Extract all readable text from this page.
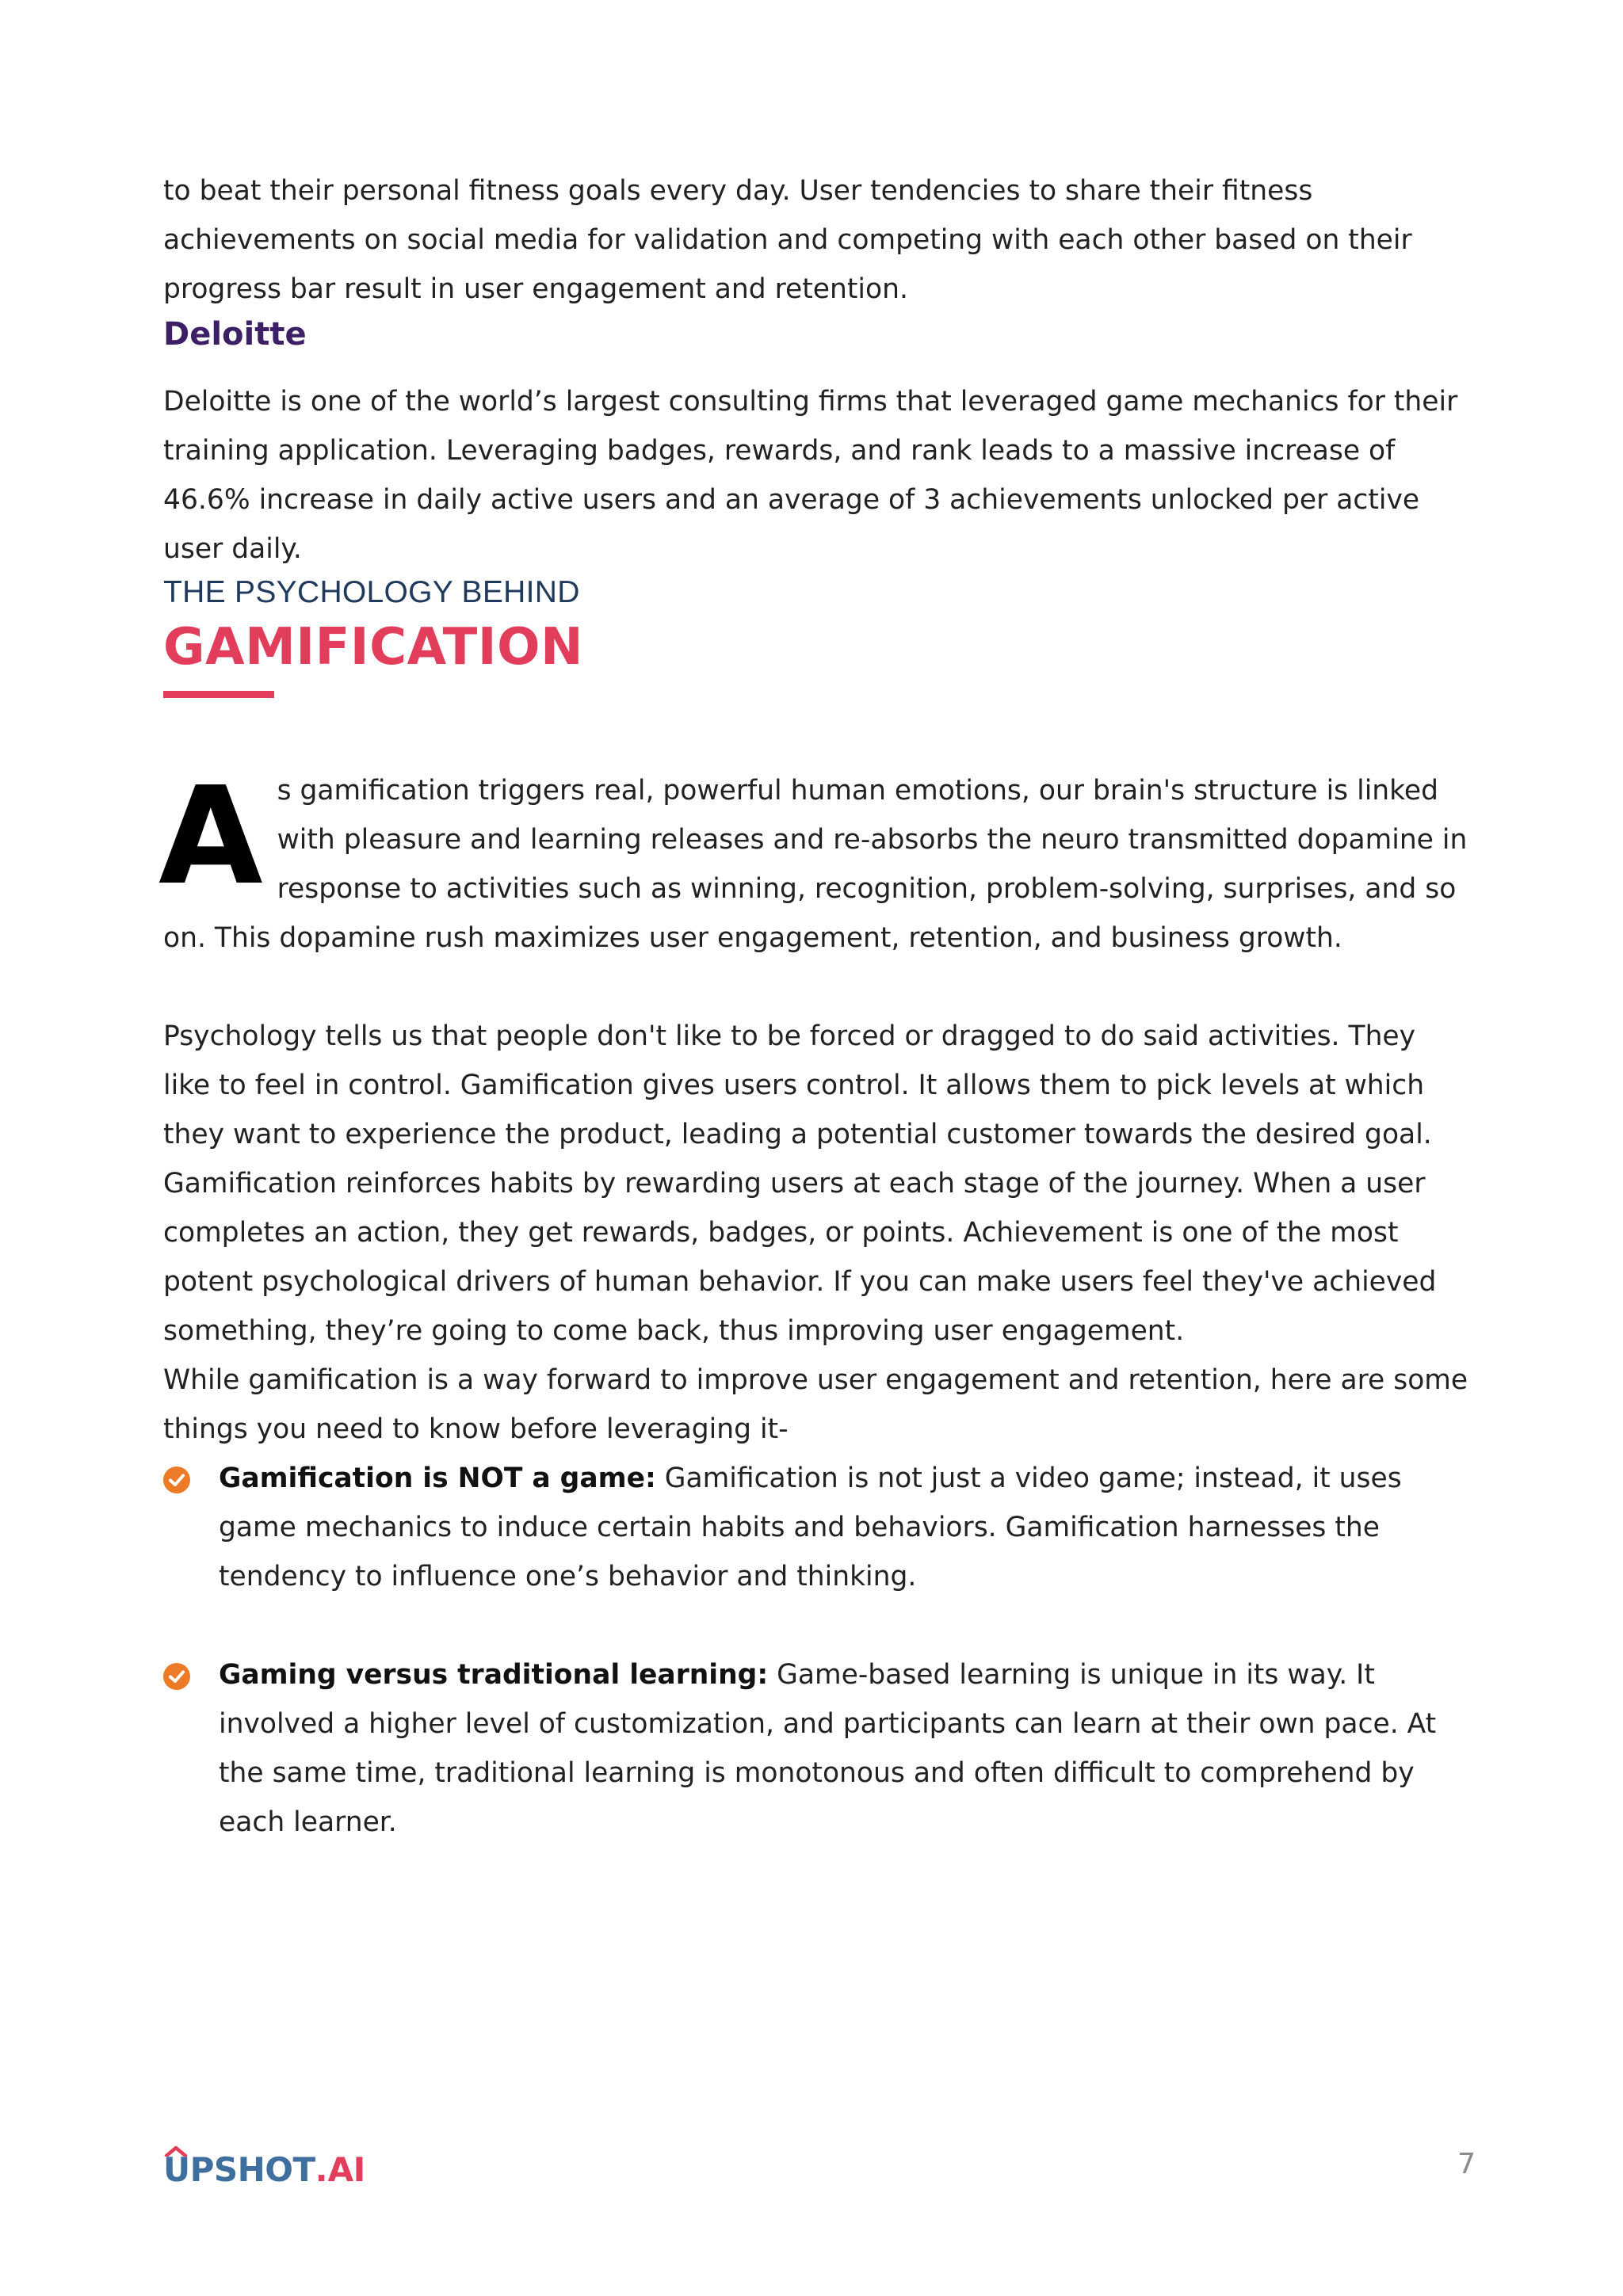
to beat their personal fitness goals every day. User tendencies to share their fitness achievements on social media for validation and competing with each other based on their progress bar result in user engagement and retention.

Deloitte

Deloitte is one of the world’s largest consulting firms that leveraged game mechanics for their training application. Leveraging badges, rewards, and rank leads to a massive increase of 46.6% increase in daily active users and an average of 3 achievements unlocked per active user daily.

THE PSYCHOLOGY BEHIND
GAMIFICATION
A s gamification triggers real, powerful human emotions, our brain's structure is linked with pleasure and learning releases and re-absorbs the neuro transmitted dopamine in response to activities such as winning, recognition, problem-solving, surprises, and so on. This dopamine rush maximizes user engagement, retention, and business growth.

Psychology tells us that people don't like to be forced or dragged to do said activities. They like to feel in control. Gamification gives users control. It allows them to pick levels at which they want to experience the product, leading a potential customer towards the desired goal.

Gamification reinforces habits by rewarding users at each stage of the journey. When a user completes an action, they get rewards, badges, or points. Achievement is one of the most potent psychological drivers of human behavior. If you can make users feel they've achieved something, they’re going to come back, thus improving user engagement.

While gamification is a way forward to improve user engagement and retention, here are some things you need to know before leveraging it-

Gamification is NOT a game: Gamification is not just a video game; instead, it uses game mechanics to induce certain habits and behaviors. Gamification harnesses the tendency to influence one’s behavior and thinking.

Gaming versus traditional learning: Game-based learning is unique in its way. It involved a higher level of customization, and participants can learn at their own pace. At the same time, traditional learning is monotonous and often difficult to comprehend by each learner.

UPSHOT . AI	7
